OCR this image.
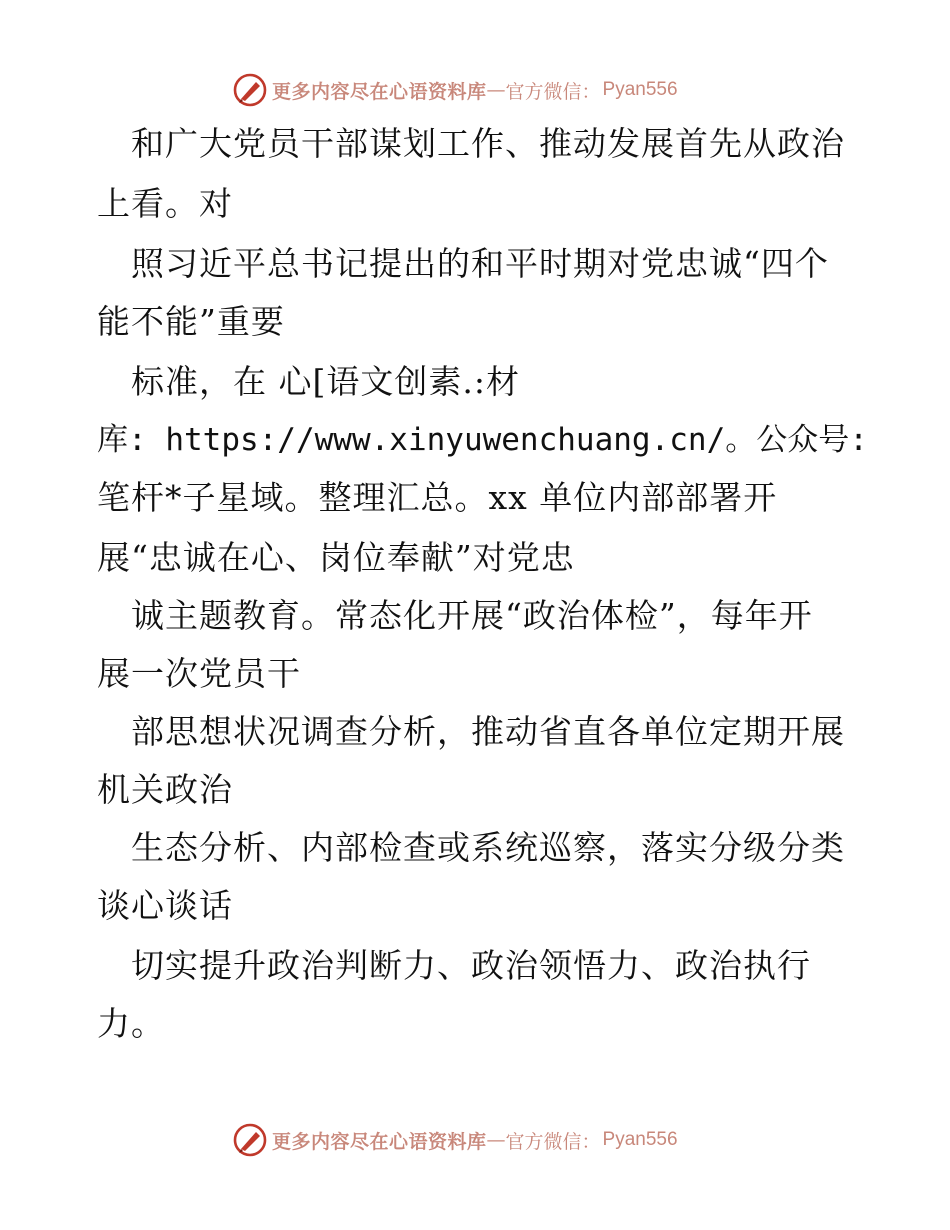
更多内容尽在心语资料库 — 官方微信： Pyan556
　和广大党员干部谋划工作、推动发展首先从政治
上看。对
　照习近平总书记提出的和平时期对党忠诚“四个
能不能”重要
　标准，在 心[语文创素.:材
库: https://www.xinyuwenchuang.cn/。公众号:
笔杆*子星域。整理汇总。xx 单位内部部署开
展“忠诚在心、岗位奉献”对党忠
　诚主题教育。常态化开展“政治体检”，每年开
展一次党员干
　部思想状况调查分析，推动省直各单位定期开展
机关政治
　生态分析、内部检查或系统巡察，落实分级分类
谈心谈话
　切实提升政治判断力、政治领悟力、政治执行
力。
更多内容尽在心语资料库 — 官方微信： Pyan556
